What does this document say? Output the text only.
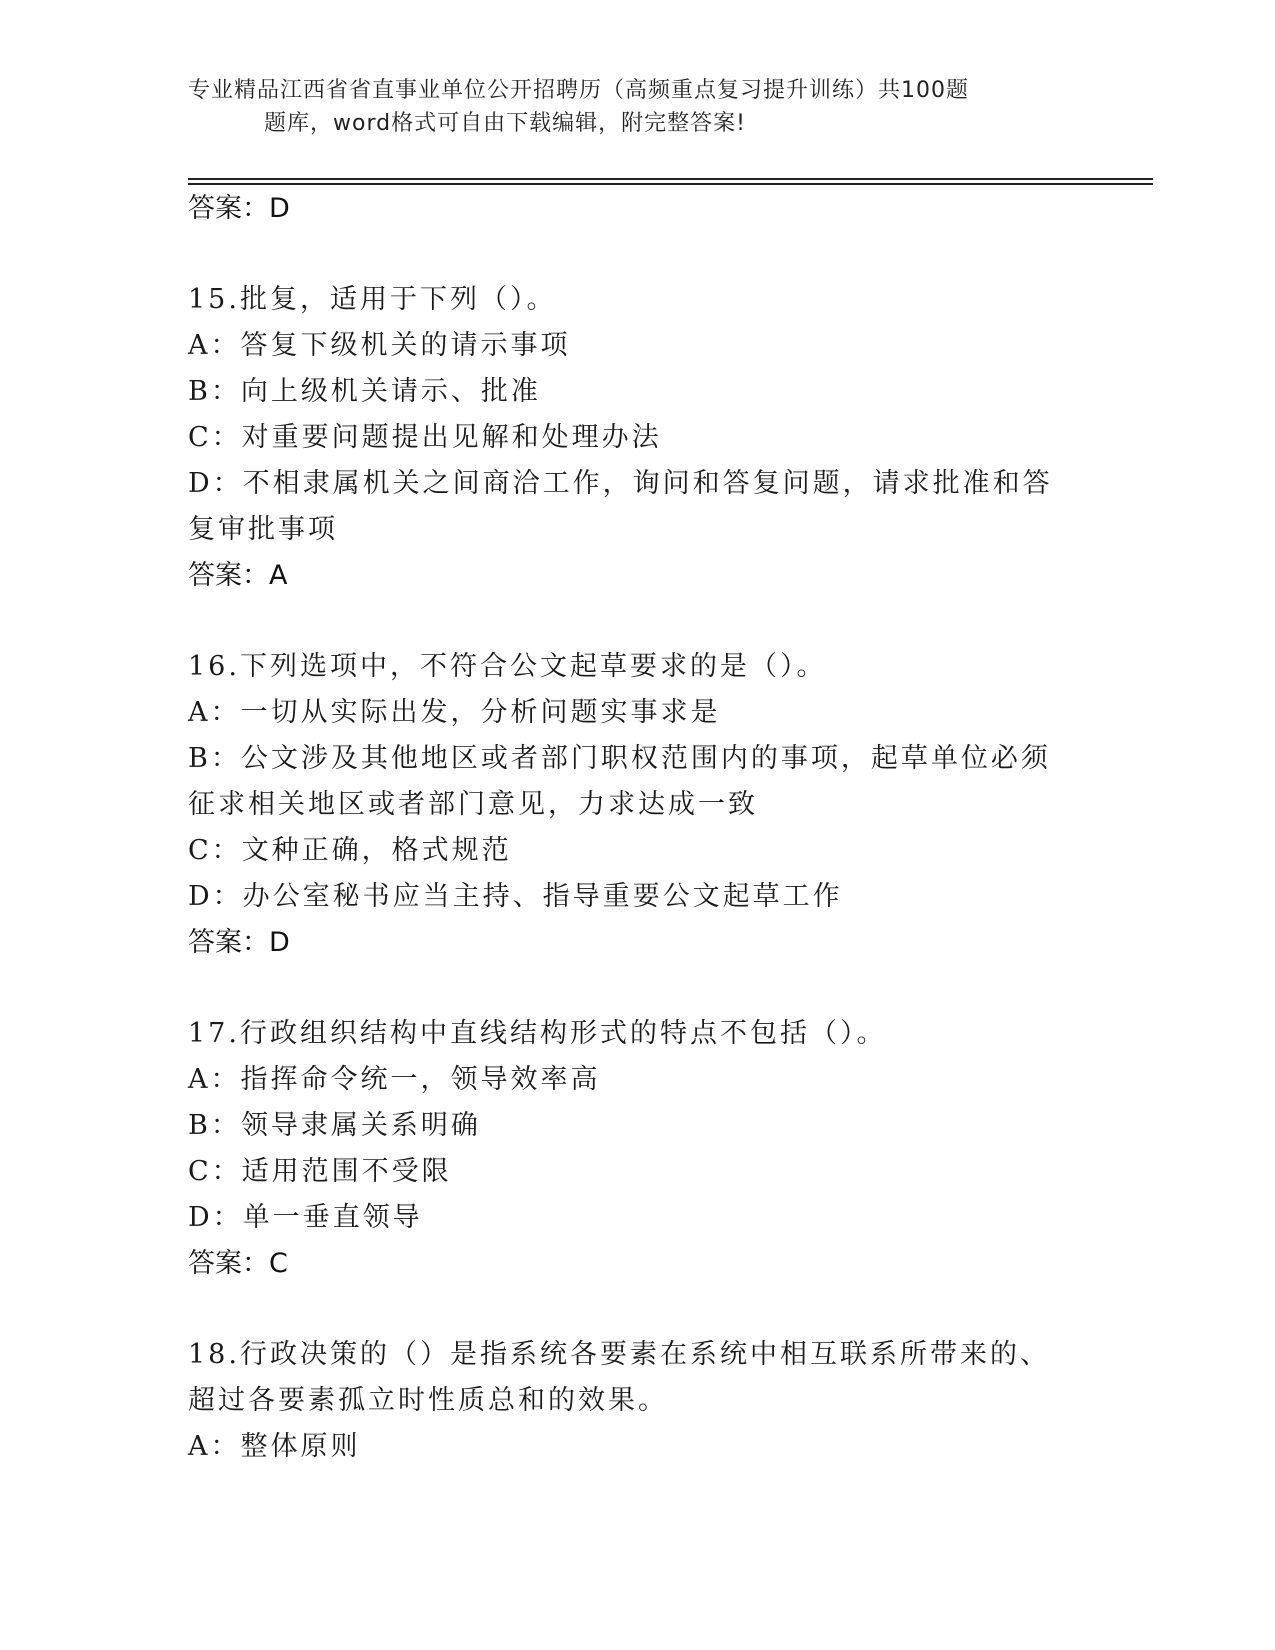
专业精品江西省省直事业单位公开招聘历（高频重点复习提升训练）共100题
题库，word格式可自由下载编辑，附完整答案!

答案：D

15.批复，适用于下列（）。

A：答复下级机关的请示事项

B：向上级机关请示、批准

C：对重要问题提出见解和处理办法

D：不相隶属机关之间商洽工作，询问和答复问题，请求批准和答复审批事项

答案：A

16.下列选项中，不符合公文起草要求的是（）。

A：一切从实际出发，分析问题实事求是

B：公文涉及其他地区或者部门职权范围内的事项，起草单位必须征求相关地区或者部门意见，力求达成一致

C：文种正确，格式规范

D：办公室秘书应当主持、指导重要公文起草工作

答案：D

17.行政组织结构中直线结构形式的特点不包括（）。

A：指挥命令统一，领导效率高

B：领导隶属关系明确

C：适用范围不受限

D：单一垂直领导

答案：C

18.行政决策的（）是指系统各要素在系统中相互联系所带来的、超过各要素孤立时性质总和的效果。

A：整体原则
